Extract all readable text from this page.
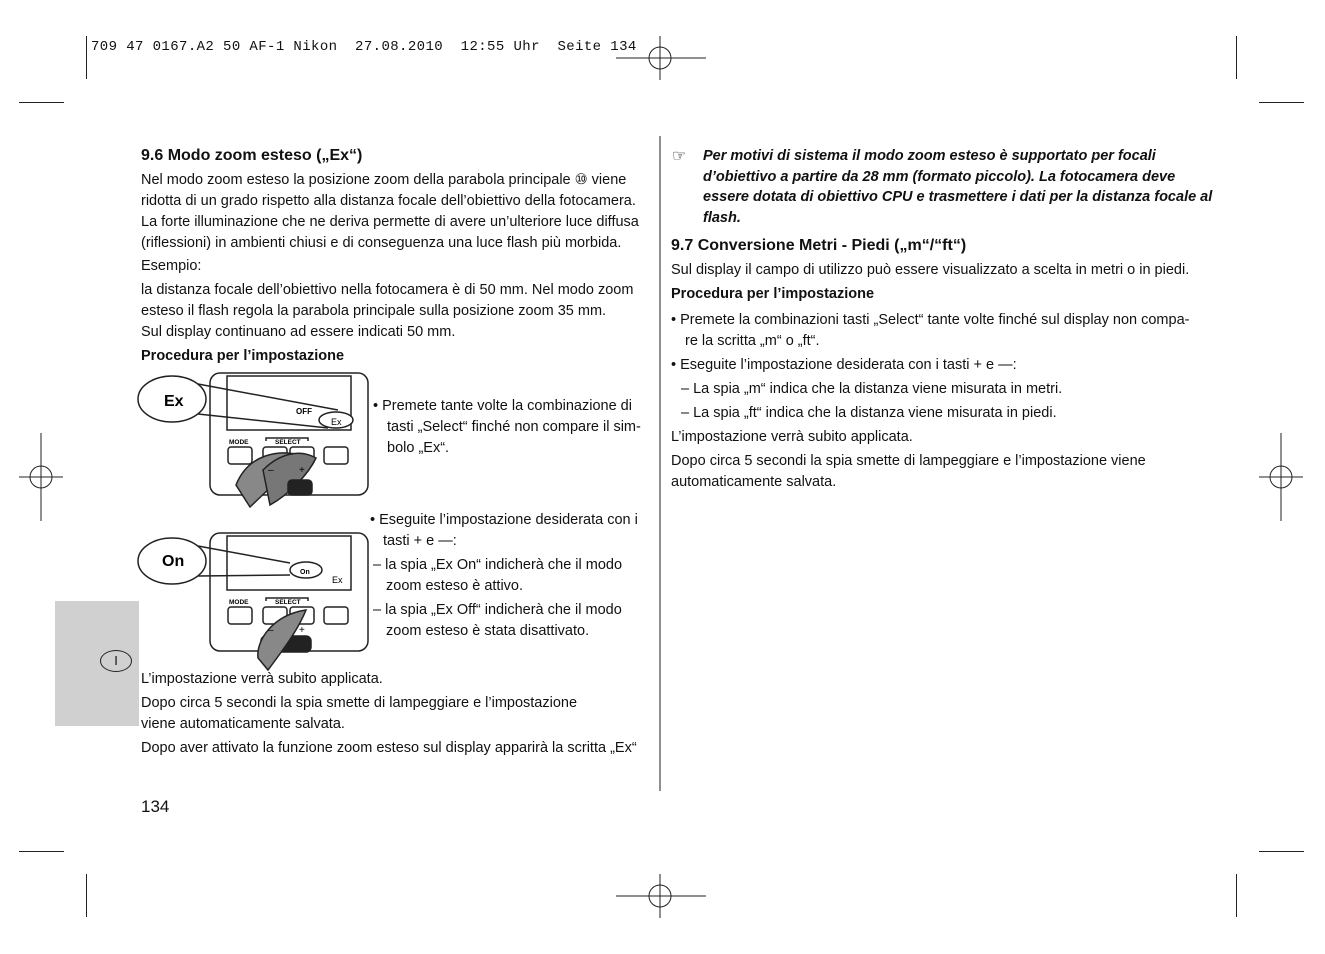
709 47 0167.A2 50 AF-1 Nikon  27.08.2010  12:55 Uhr  Seite 134
I
9.6 Modo zoom esteso („Ex“)
Nel modo zoom esteso la posizione zoom della parabola principale ⑩ viene
ridotta di un grado rispetto alla distanza focale dell’obiettivo della fotocamera.
La forte illuminazione che ne deriva permette di avere un’ulteriore luce diffusa
(riflessioni) in ambienti chiusi e di conseguenza una luce flash più morbida.
Esempio:
la distanza focale dell’obiettivo nella fotocamera è di 50 mm. Nel modo zoom
esteso il flash regola la parabola principale sulla posizione zoom 35 mm.
Sul display continuano ad essere indicati 50 mm.
Procedura per l’impostazione
Ex
OFF
Ex
MODE	SELECT
–	+
• Premete tante volte la combinazione di
tasti „Select“ finché non compare il sim-
bolo „Ex“.
On
On
Ex
MODE	SELECT
–	+
• Eseguite l’impostazione desiderata con i
tasti + e —:
– la spia „Ex On“ indicherà che il modo
zoom esteso è attivo.
– la spia „Ex Off“ indicherà che il modo
zoom esteso è stata disattivato.
L’impostazione verrà subito applicata.
Dopo circa 5 secondi la spia smette di lampeggiare e l’impostazione
viene automaticamente salvata.
Dopo aver attivato la funzione zoom esteso sul display apparirà la scritta „Ex“
134
☞ Per motivi di sistema il modo zoom esteso è supportato per focali
d’obiettivo a partire da 28 mm (formato piccolo). La fotocamera deve
essere dotata di obiettivo CPU e trasmettere i dati per la distanza focale al
flash.
9.7 Conversione Metri - Piedi („m“/“ft“)
Sul display il campo di utilizzo può essere visualizzato a scelta in metri o in piedi.
Procedura per l’impostazione
• Premete la combinazioni tasti „Select“ tante volte finché sul display non compa-
re la scritta „m“ o „ft“.
• Eseguite l’impostazione desiderata con i tasti + e —:
– La spia „m“ indica che la distanza viene misurata in metri.
– La spia „ft“ indica che la distanza viene misurata in piedi.
L’impostazione verrà subito applicata.
Dopo circa 5 secondi la spia smette di lampeggiare e l’impostazione viene
automaticamente salvata.
